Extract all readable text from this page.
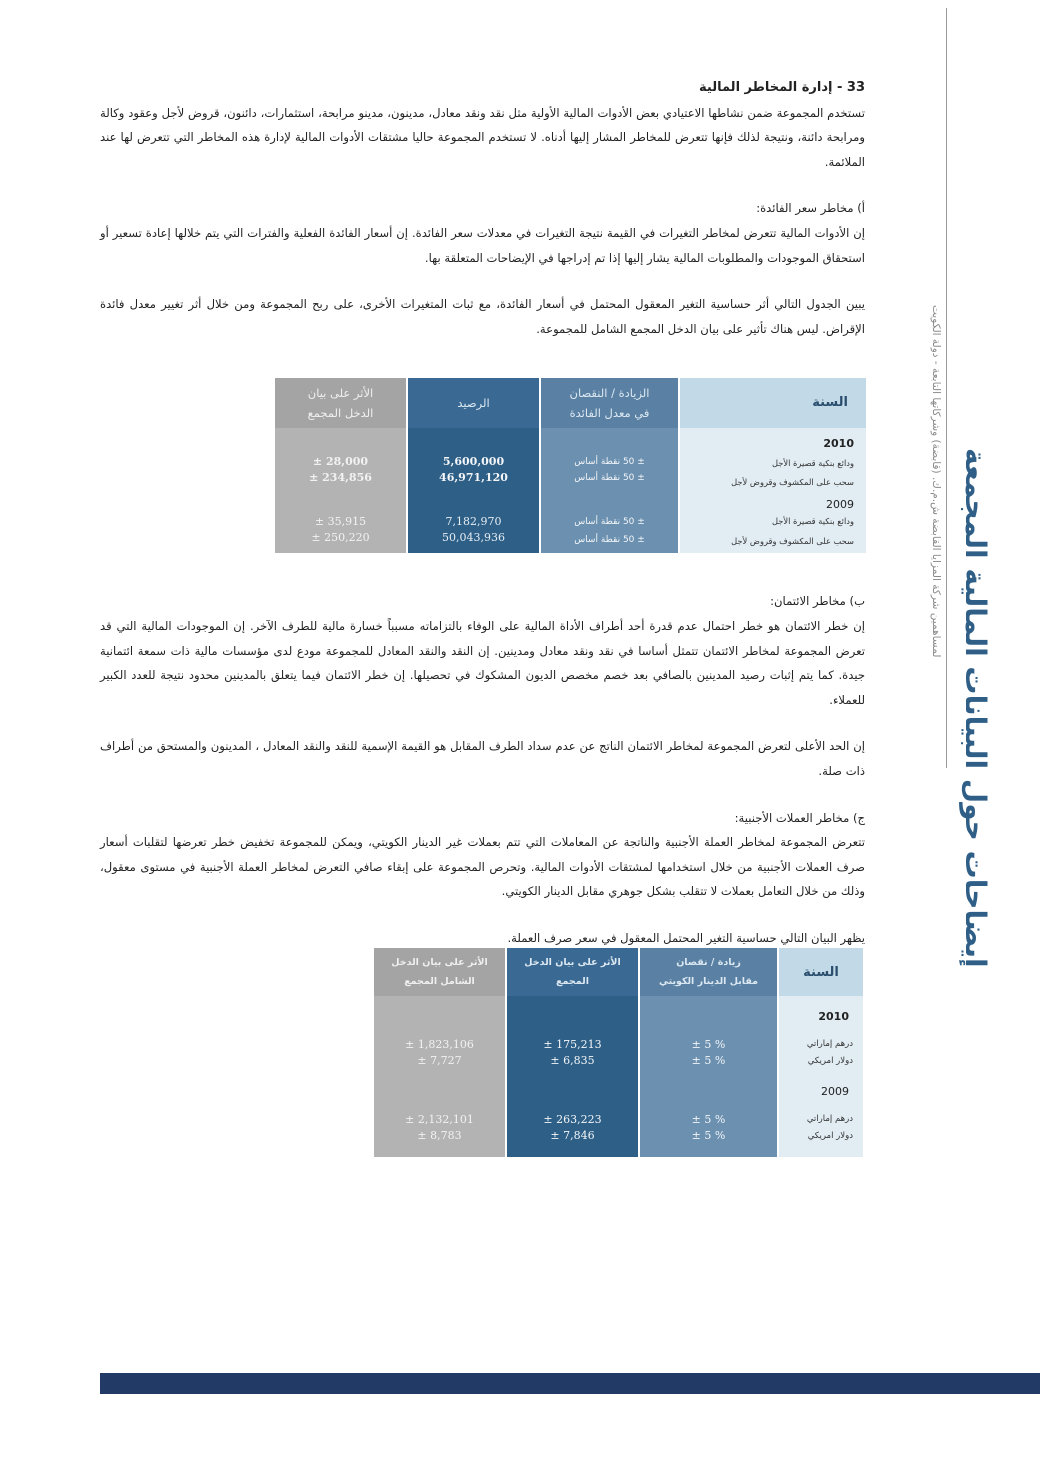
إيضاحات حول البيانات المالية المجمعة
لمساهمين شركة المزايا القابضة ش.م.ك. (قابضة) وشركاتها التابعة - دولة الكويت

33 - إدارة المخاطر المالية

تستخدم المجموعة ضمن نشاطها الاعتيادي بعض الأدوات المالية الأولية مثل نقد ونقد معادل، مدينون، مدينو مرابحة، استثمارات، دائنون، قروض لأجل وعقود وكالة ومرابحة دائنة، ونتيجة لذلك فإنها تتعرض للمخاطر المشار إليها أدناه. لا تستخدم المجموعة حاليا مشتقات الأدوات المالية لإدارة هذه المخاطر التي تتعرض لها عند الملائمة.

أ) مخاطر سعر الفائدة:

إن الأدوات المالية تتعرض لمخاطر التغيرات في القيمة نتيجة التغيرات في معدلات سعر الفائدة. إن أسعار الفائدة الفعلية والفترات التي يتم خلالها إعادة تسعير أو استحقاق الموجودات والمطلوبات المالية يشار إليها إذا تم إدراجها في الإيضاحات المتعلقة بها.

يبين الجدول التالي أثر حساسية التغير المعقول المحتمل في أسعار الفائدة، مع ثبات المتغيرات الأخرى، على ربح المجموعة ومن خلال أثر تغيير معدل فائدة الإقراض. ليس هناك تأثير على بيان الدخل المجمع الشامل للمجموعة.

ب) مخاطر الائتمان:

إن خطر الائتمان هو خطر احتمال عدم قدرة أحد أطراف الأداة المالية على الوفاء بالتزاماته مسبباً خسارة مالية للطرف الآخر. إن الموجودات المالية التي قد تعرض المجموعة لمخاطر الائتمان تتمثل أساسا في نقد ونقد معادل ومدينين. إن النقد والنقد المعادل للمجموعة مودع لدى مؤسسات مالية ذات سمعة ائتمانية جيدة. كما يتم إثبات رصيد المدينين بالصافي بعد خصم مخصص الديون المشكوك في تحصيلها. إن خطر الائتمان فيما يتعلق بالمدينين محدود نتيجة للعدد الكبير للعملاء.

إن الحد الأعلى لتعرض المجموعة لمخاطر الائتمان الناتج عن عدم سداد الطرف المقابل هو القيمة الإسمية للنقد والنقد المعادل ، المدينون والمستحق من أطراف ذات صلة.

ج) مخاطر العملات الأجنبية:

تتعرض المجموعة لمخاطر العملة الأجنبية والناتجة عن المعاملات التي تتم بعملات غير الدينار الكويتي، ويمكن للمجموعة تخفيض خطر تعرضها لتقلبات أسعار صرف العملات الأجنبية من خلال استخدامها لمشتقات الأدوات المالية. وتحرص المجموعة على إبقاء صافي التعرض لمخاطر العملة الأجنبية في مستوى معقول، وذلك من خلال التعامل بعملات لا تتقلب بشكل جوهري مقابل الدينار الكويتي.

يظهر البيان التالي حساسية التغير المحتمل المعقول في سعر صرف العملة.

السنة
2010
ودائع بنكية قصيرة الأجل
سحب على المكشوف وقروض لأجل
2009
ودائع بنكية قصيرة الأجل
سحب على المكشوف وقروض لأجل
الزيادة / النقصان
في معدل الفائدة
± 50 نقطة أساس
± 50 نقطة أساس
± 50 نقطة أساس
± 50 نقطة أساس
الرصيد
5,600,000
46,971,120
7,182,970
50,043,936
الأثر على بيان
الدخل المجمع
28,000 ±
234,856 ±
35,915 ±
250,220 ±
السنة
2010
درهم إماراتي
دولار امريكي
2009
درهم إماراتي
دولار امريكي
زيادة / نقصان
مقابل الدينار الكويتي
% 5 ±
% 5 ±
% 5 ±
% 5 ±
الأثر على بيان الدخل
المجمع
175,213 ±
6,835 ±
263,223 ±
7,846 ±
الأثر على بيان الدخل
الشامل المجمع
1,823,106 ±
7,727 ±
2,132,101 ±
8,783 ±
